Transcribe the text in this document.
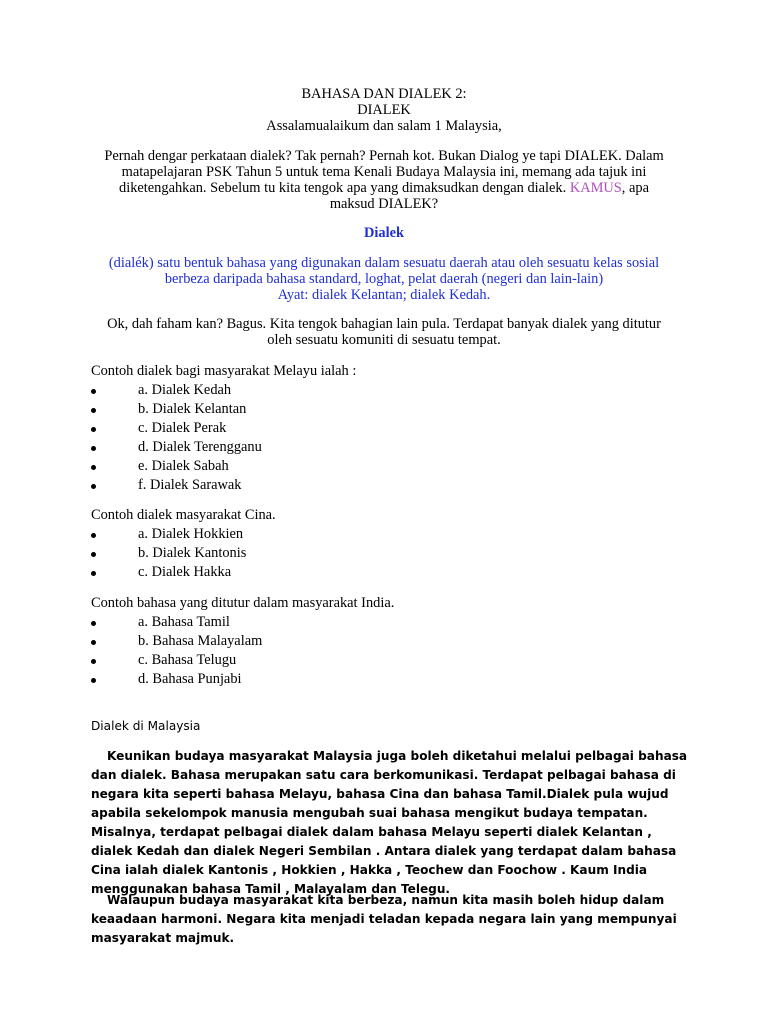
BAHASA DAN DIALEK 2:
DIALEK
Assalamualaikum dan salam 1 Malaysia,
Pernah dengar perkataan dialek? Tak pernah? Pernah kot. Bukan Dialog ye tapi DIALEK. Dalam matapelajaran PSK Tahun 5 untuk tema Kenali Budaya Malaysia ini, memang ada tajuk ini diketengahkan. Sebelum tu kita tengok apa yang dimaksudkan dengan dialek. KAMUS, apa maksud DIALEK?
Dialek
(dialék) satu bentuk bahasa yang digunakan dalam sesuatu daerah atau oleh sesuatu kelas sosial berbeza daripada bahasa standard, loghat, pelat daerah (negeri dan lain-lain)
Ayat: dialek Kelantan; dialek Kedah.
Ok, dah faham kan? Bagus. Kita tengok bahagian lain pula. Terdapat banyak dialek yang ditutur oleh sesuatu komuniti di sesuatu tempat.
Contoh dialek bagi masyarakat Melayu ialah :
a. Dialek Kedah
b. Dialek Kelantan
c. Dialek Perak
d. Dialek Terengganu
e. Dialek Sabah
f. Dialek Sarawak
Contoh dialek masyarakat Cina.
a. Dialek Hokkien
b. Dialek Kantonis
c. Dialek Hakka
Contoh bahasa yang ditutur dalam masyarakat India.
a. Bahasa Tamil
b. Bahasa Malayalam
c. Bahasa Telugu
d. Bahasa Punjabi
Dialek di Malaysia
Keunikan budaya masyarakat Malaysia juga boleh diketahui melalui pelbagai bahasa dan dialek. Bahasa merupakan satu cara berkomunikasi. Terdapat pelbagai bahasa di negara kita seperti bahasa Melayu, bahasa Cina dan bahasa Tamil.Dialek pula wujud apabila sekelompok manusia mengubah suai bahasa mengikut budaya tempatan. Misalnya, terdapat pelbagai dialek dalam bahasa Melayu seperti dialek Kelantan , dialek Kedah dan dialek Negeri Sembilan . Antara dialek yang terdapat dalam bahasa Cina ialah dialek Kantonis , Hokkien , Hakka , Teochew dan Foochow . Kaum India menggunakan bahasa Tamil , Malayalam dan Telegu.
Walaupun budaya masyarakat kita berbeza, namun kita masih boleh hidup dalam keaadaan harmoni. Negara kita menjadi teladan kepada negara lain yang mempunyai masyarakat majmuk.
